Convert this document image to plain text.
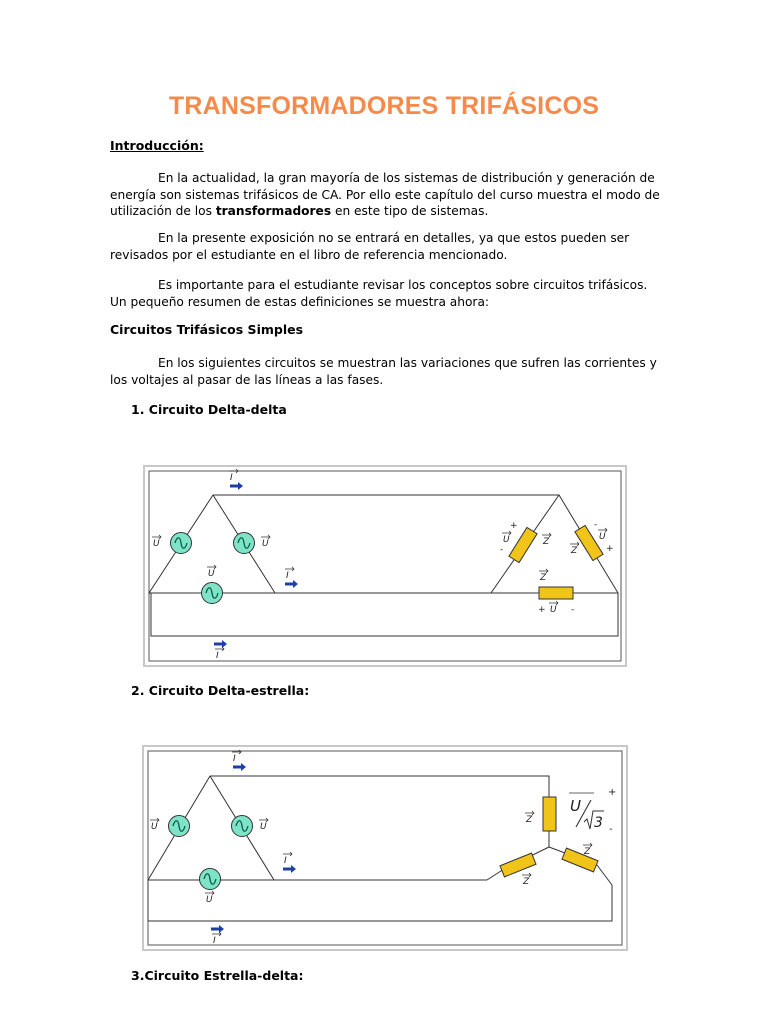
TRANSFORMADORES TRIFÁSICOS
Introducción:
En la actualidad, la gran mayoría de los sistemas de distribución y generación de energía son sistemas trifásicos de CA. Por ello este capítulo del curso muestra el modo de utilización de los transformadores en este tipo de sistemas.
En la presente exposición no se entrará en detalles, ya que estos pueden ser revisados por el estudiante en el libro de referencia mencionado.
Es importante para el estudiante revisar los conceptos sobre circuitos trifásicos. Un pequeño resumen de estas definiciones se muestra ahora:
Circuitos Trifásicos Simples
En los siguientes circuitos se muestran las variaciones que sufren las corrientes y los voltajes al pasar de las líneas a las fases.
1. Circuito Delta-delta
I
I
I
U	U
U
Z
Z
Z
U	U
U
+
-
-
+
+	-
2. Circuito Delta-estrella:
I
I
I
U	U
U
Z
Z
Z
U
3
+
-
3.Circuito Estrella-delta:
